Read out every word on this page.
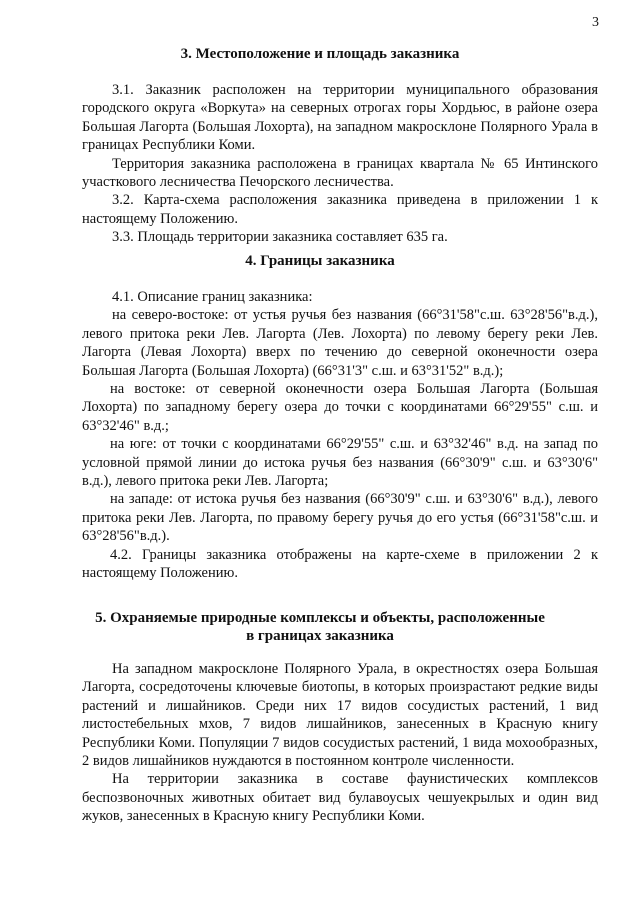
3
3. Местоположение и площадь заказника

3.1. Заказник расположен на территории муниципального образования городского округа «Воркута» на северных отрогах горы Хордьюс, в районе озера Большая Лагорта (Большая Лохорта), на западном макросклоне Полярного Урала в границах Республики Коми.

Территория заказника расположена в границах квартала № 65 Интинского участкового лесничества Печорского лесничества.

3.2. Карта-схема расположения заказника приведена в приложении 1 к настоящему Положению.

3.3. Площадь территории заказника составляет 635 га.

4. Границы заказника

4.1. Описание границ заказника:

на северо-востоке: от устья ручья без названия (66°31'58"с.ш. 63°28'56"в.д.), левого притока реки Лев. Лагорта (Лев. Лохорта) по левому берегу реки Лев. Лагорта (Левая Лохорта) вверх по течению до северной оконечности озера Большая Лагорта (Большая Лохорта) (66°31'3" с.ш. и 63°31'52" в.д.);

на востоке: от северной оконечности озера Большая Лагорта (Большая Лохорта) по западному берегу озера до точки с координатами 66°29'55" с.ш. и 63°32'46" в.д.;

на юге: от точки с координатами 66°29'55" с.ш. и 63°32'46" в.д. на запад по условной прямой линии до истока ручья без названия (66°30'9" с.ш. и 63°30'6" в.д.), левого притока реки Лев. Лагорта;

на западе: от истока ручья без названия (66°30'9" с.ш. и 63°30'6" в.д.), левого притока реки Лев. Лагорта, по правому берегу ручья до его устья (66°31'58"с.ш. и 63°28'56"в.д.).

4.2. Границы заказника отображены на карте-схеме в приложении 2 к настоящему Положению.

5. Охраняемые природные комплексы и объекты, расположенные
в границах заказника

На западном макросклоне Полярного Урала, в окрестностях озера Большая Лагорта, сосредоточены ключевые биотопы, в которых произрастают редкие виды растений и лишайников. Среди них 17 видов сосудистых растений, 1 вид листостебельных мхов, 7 видов лишайников, занесенных в Красную книгу Республики Коми. Популяции 7 видов сосудистых растений, 1 вида мохообразных, 2 видов лишайников нуждаются в постоянном контроле численности.

На территории заказника в составе фаунистических комплексов беспозвоночных животных обитает вид булавоусых чешуекрылых и один вид жуков, занесенных в Красную книгу Республики Коми.
